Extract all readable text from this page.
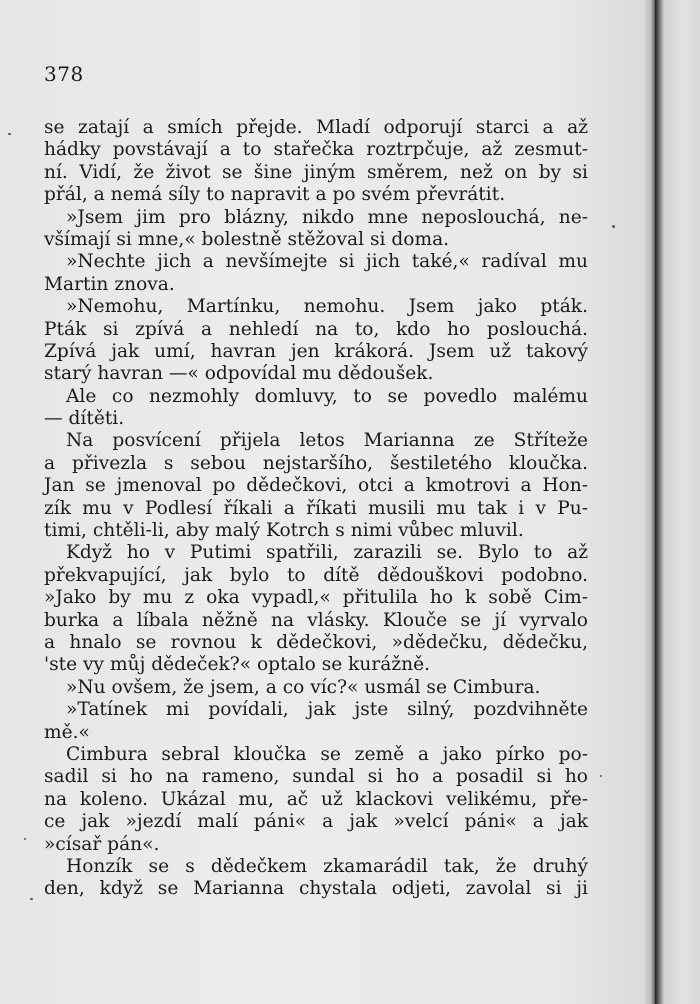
378
se zatají a smích přejde. Mladí odporují starci a až
hádky povstávají a to stařečka roztrpčuje, až zesmut-
ní. Vidí, že život se šine jiným směrem, než on by si
přál, a nemá síly to napravit a po svém převrátit.
»Jsem jim pro blázny, nikdo mne neposlouchá, ne-
všímají si mne,« bolestně stěžoval si doma.
»Nechte jich a nevšímejte si jich také,« radíval mu
Martin znova.
»Nemohu, Martínku, nemohu. Jsem jako pták.
Pták si zpívá a nehledí na to, kdo ho poslouchá.
Zpívá jak umí, havran jen krákorá. Jsem už takový
starý havran —« odpovídal mu dědoušek.
Ale co nezmohly domluvy, to se povedlo malému
— dítěti.
Na posvícení přijela letos Marianna ze Stříteže
a přivezla s sebou nejstaršího, šestiletého kloučka.
Jan se jmenoval po dědečkovi, otci a kmotrovi a Hon-
zík mu v Podlesí říkali a říkati musili mu tak i v Pu-
timi, chtěli-li, aby malý Kotrch s nimi vůbec mluvil.
Když ho v Putimi spatřili, zarazili se. Bylo to až
překvapující, jak bylo to dítě dědouškovi podobno.
»Jako by mu z oka vypadl,« přitulila ho k sobě Cim-
burka a líbala něžně na vlásky. Klouče se jí vyrvalo
a hnalo se rovnou k dědečkovi, »dědečku, dědečku,
'ste vy můj dědeček?« optalo se kurážně.
»Nu ovšem, že jsem, a co víc?« usmál se Cimbura.
»Tatínek mi povídali, jak jste silný, pozdvihněte
mě.«
Cimbura sebral kloučka se země a jako pírko po-
sadil si ho na rameno, sundal si ho a posadil si ho
na koleno. Ukázal mu, ač už klackovi velikému, pře-
ce jak »jezdí malí páni« a jak »velcí páni« a jak
»císař pán«.
Honzík se s dědečkem zkamarádil tak, že druhý
den, když se Marianna chystala odjeti, zavolal si ji
